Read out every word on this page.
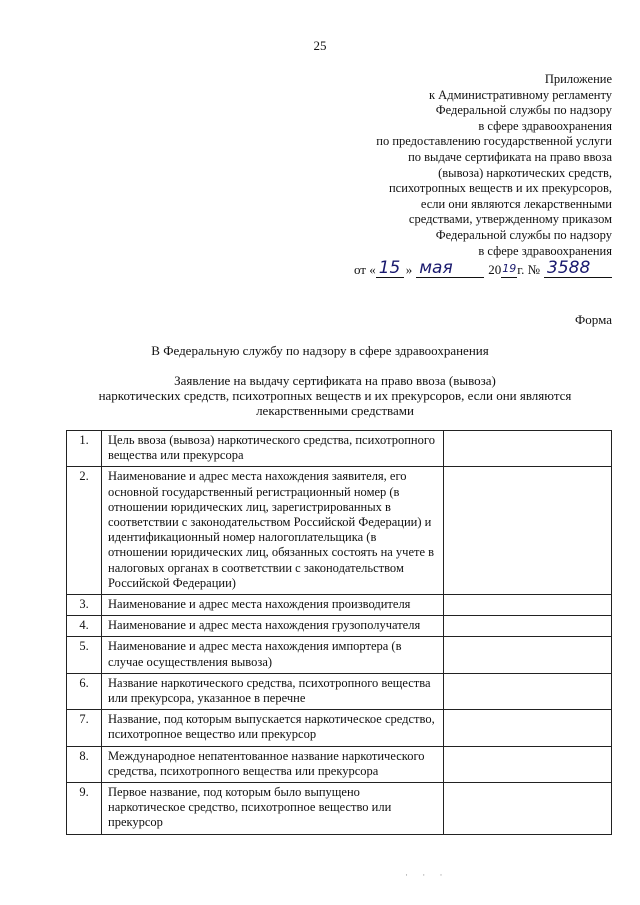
25
Приложение
к Административному регламенту
Федеральной службы по надзору
в сфере здравоохранения
по предоставлению государственной услуги
по выдаче сертификата на право ввоза
(вывоза) наркотических средств,
психотропных веществ и их прекурсоров,
если они являются лекарственными
средствами, утвержденному приказом
Федеральной службы по надзору
в сфере здравоохранения
от « 15 » мая	20 19 г. № 3588
Форма
В Федеральную службу по надзору в сфере здравоохранения
Заявление на выдачу сертификата на право ввоза (вывоза)
наркотических средств, психотропных веществ и их прекурсоров, если они являются
лекарственными средствами
1.	Цель ввоза (вывоза) наркотического средства, психотропного вещества или прекурсора	
2.	Наименование и адрес места нахождения заявителя, его основной государственный регистрационный номер (в отношении юридических лиц, зарегистрированных в соответствии с законодательством Российской Федерации) и идентификационный номер налогоплательщика (в отношении юридических лиц, обязанных состоять на учете в налоговых органах в соответствии с законодательством Российской Федерации)	
3.	Наименование и адрес места нахождения производителя	
4.	Наименование и адрес места нахождения грузополучателя	
5.	Наименование и адрес места нахождения импортера (в случае осуществления вывоза)	
6.	Название наркотического средства, психотропного вещества или прекурсора, указанное в перечне	
7.	Название, под которым выпускается наркотическое средство, психотропное вещество или прекурсор	
8.	Международное непатентованное название наркотического средства, психотропного вещества или прекурсора	
9.	Первое название, под которым было выпущено наркотическое средство, психотропное вещество или прекурсор	
· · ·
